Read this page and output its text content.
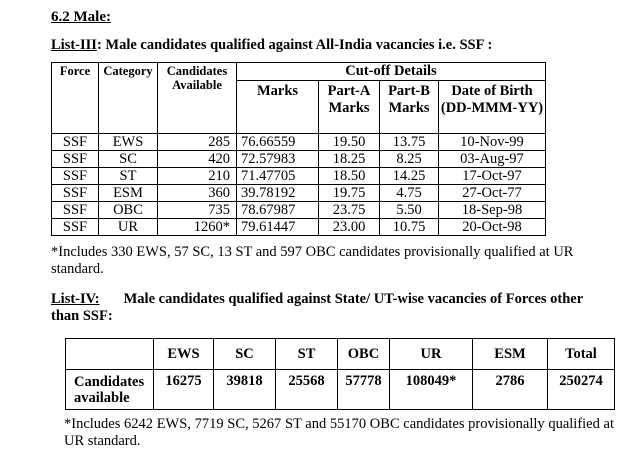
6.2 Male:
List-III: Male candidates qualified against All-India vacancies i.e. SSF :
Force	Category	Candidates Available	Cut-off Details			
			Marks	Part-A Marks	Part-B Marks	Date of Birth (DD-MMM-YY)
SSF	EWS	285	76.66559	19.50	13.75	10-Nov-99
SSF	SC	420	72.57983	18.25	8.25	03-Aug-97
SSF	ST	210	71.47705	18.50	14.25	17-Oct-97
SSF	ESM	360	39.78192	19.75	4.75	27-Oct-77
SSF	OBC	735	78.67987	23.75	5.50	18-Sep-98
SSF	UR	1260*	79.61447	23.00	10.75	20-Oct-98
*Includes 330 EWS, 57 SC, 13 ST and 597 OBC candidates provisionally qualified at UR standard.
List-IV: Male candidates qualified against State/ UT-wise vacancies of Forces other than SSF:
	EWS	SC	ST	OBC	UR	ESM	Total
Candidates available	16275	39818	25568	57778	108049*	2786	250274
*Includes 6242 EWS, 7719 SC, 5267 ST and 55170 OBC candidates provisionally qualified at UR standard.
